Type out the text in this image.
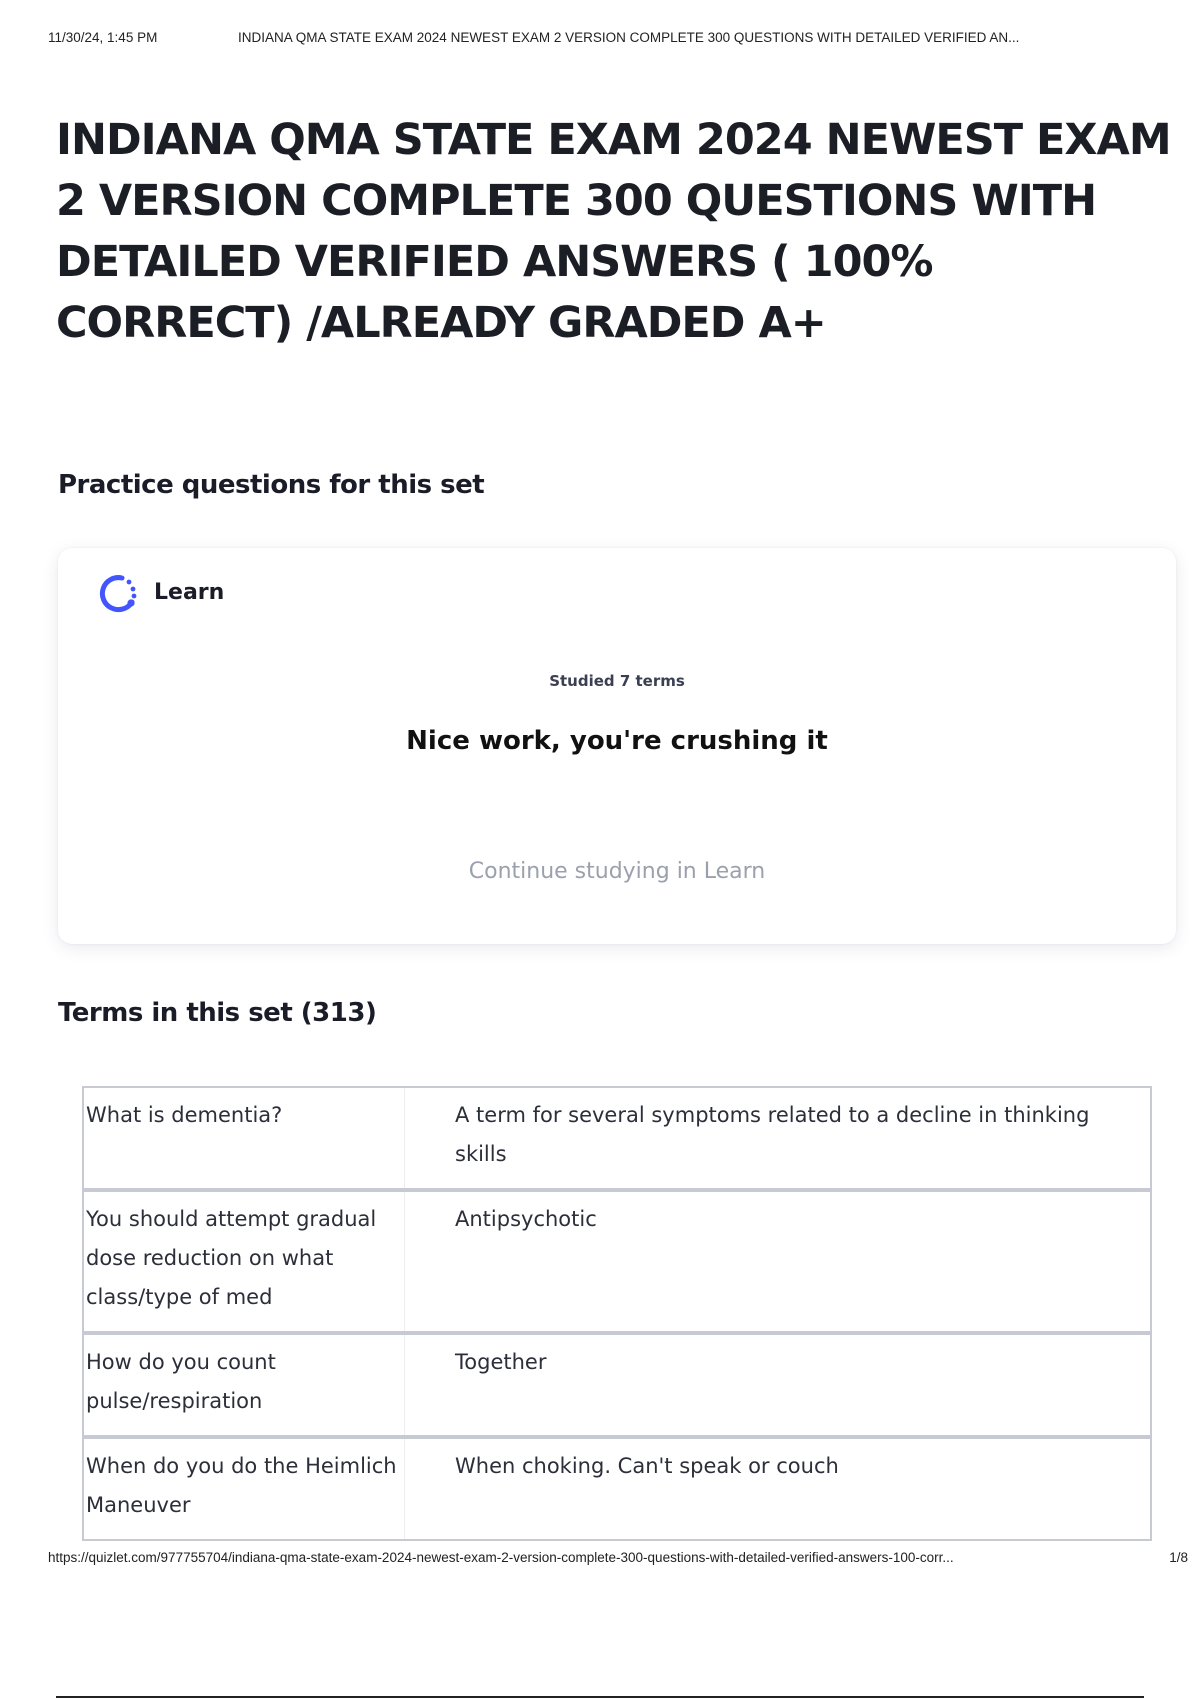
11/30/24, 1:45 PM	INDIANA QMA STATE EXAM 2024 NEWEST EXAM 2 VERSION COMPLETE 300 QUESTIONS WITH DETAILED VERIFIED AN...
INDIANA QMA STATE EXAM 2024 NEWEST EXAM 2 VERSION COMPLETE 300 QUESTIONS WITH DETAILED VERIFIED ANSWERS ( 100% CORRECT) /ALREADY GRADED A+
Practice questions for this set
Learn
Studied 7 terms
Nice work, you're crushing it
Continue studying in Learn
Terms in this set (313)
What is dementia?	A term for several symptoms related to a decline in thinking skills
You should attempt gradual dose reduction on what class/type of med	Antipsychotic
How do you count pulse/respiration	Together
When do you do the Heimlich Maneuver	When choking. Can't speak or couch
https://quizlet.com/977755704/indiana-qma-state-exam-2024-newest-exam-2-version-complete-300-questions-with-detailed-verified-answers-100-corr...	1/8
